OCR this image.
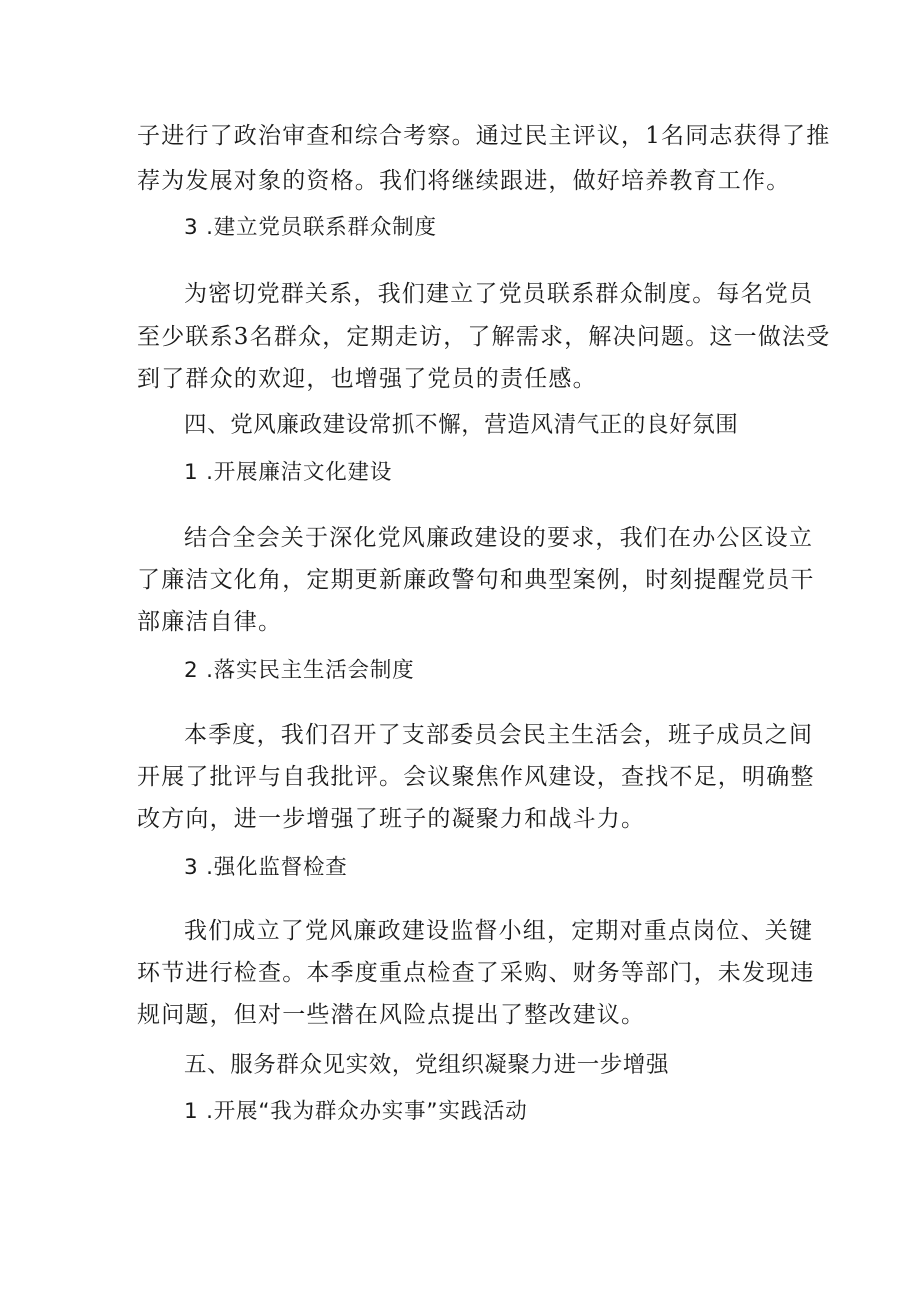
子进行了政治审查和综合考察。通过民主评议，1名同志获得了推
荐为发展对象的资格。我们将继续跟进，做好培养教育工作。
3 .建立党员联系群众制度
为密切党群关系，我们建立了党员联系群众制度。每名党员
至少联系3名群众，定期走访，了解需求，解决问题。这一做法受
到了群众的欢迎，也增强了党员的责任感。
四、党风廉政建设常抓不懈，营造风清气正的良好氛围
1 .开展廉洁文化建设
结合全会关于深化党风廉政建设的要求，我们在办公区设立
了廉洁文化角，定期更新廉政警句和典型案例，时刻提醒党员干
部廉洁自律。
2 .落实民主生活会制度
本季度，我们召开了支部委员会民主生活会，班子成员之间
开展了批评与自我批评。会议聚焦作风建设，查找不足，明确整
改方向，进一步增强了班子的凝聚力和战斗力。
3 .强化监督检查
我们成立了党风廉政建设监督小组，定期对重点岗位、关键
环节进行检查。本季度重点检查了采购、财务等部门，未发现违
规问题，但对一些潜在风险点提出了整改建议。
五、服务群众见实效，党组织凝聚力进一步增强
1 .开展“我为群众办实事”实践活动
